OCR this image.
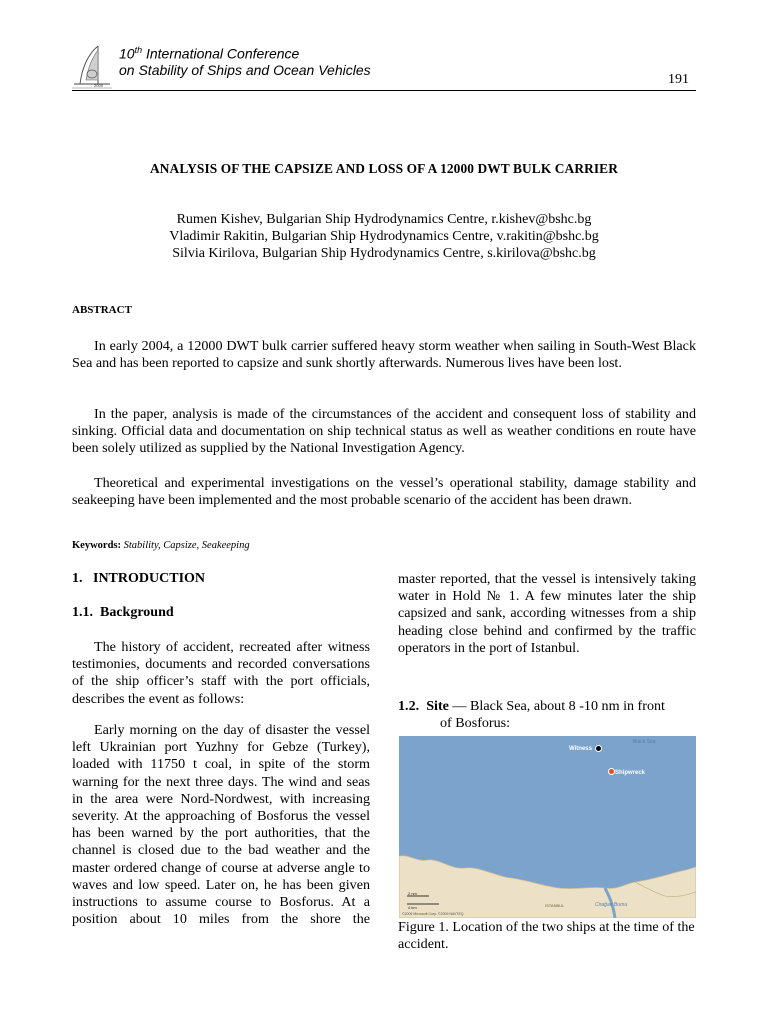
2009
10th International Conference
on Stability of Ships and Ocean Vehicles
191
ANALYSIS OF THE CAPSIZE AND LOSS OF A 12000 DWT BULK CARRIER
Rumen Kishev, Bulgarian Ship Hydrodynamics Centre, r.kishev@bshc.bg
Vladimir Rakitin, Bulgarian Ship Hydrodynamics Centre, v.rakitin@bshc.bg
Silvia Kirilova, Bulgarian Ship Hydrodynamics Centre, s.kirilova@bshc.bg
ABSTRACT
In early 2004, a 12000 DWT bulk carrier suffered heavy storm weather when sailing in South-West Black Sea and has been reported to capsize and sunk shortly afterwards. Numerous lives have been lost.
In the paper, analysis is made of the circumstances of the accident and consequent loss of stability and sinking. Official data and documentation on ship technical status as well as weather conditions en route have been solely utilized as supplied by the National Investigation Agency.
Theoretical and experimental investigations on the vessel’s operational stability, damage stability and seakeeping have been implemented and the most probable scenario of the accident has been drawn.
Keywords: Stability, Capsize, Seakeeping
1. INTRODUCTION
1.1. Background
The history of accident, recreated after witness testimonies, documents and recorded conversations of the ship officer’s staff with the port officials, describes the event as follows:
Early morning on the day of disaster the vessel left Ukrainian port Yuzhny for Gebze (Turkey), loaded with 11750 t coal, in spite of the storm warning for the next three days. The wind and seas in the area were Nord-Nordwest, with increasing severity. At the approaching of Bosforus the vessel has been warned by the port authorities, that the channel is closed due to the bad weather and the master ordered change of course at adverse angle to waves and low speed. Later on, he has been given instructions to assume course to Bosforus. At a position about 10 miles from the shore the
master reported, that the vessel is intensively taking water in Hold № 1. A few minutes later the ship capsized and sank, according witnesses from a ship heading close behind and confirmed by the traffic operators in the port of Istanbul.
1.2. Site — Black Sea, about 8 -10 nm in front
of Bosforus:
Black Sea
Witness
Shipwreck
ISTANBUL	Cirağan Burnu
2 nm
4 km
©2009 Microsoft Corp. ©2009 NAVTEQ
Figure 1. Location of the two ships at the time of the accident.
